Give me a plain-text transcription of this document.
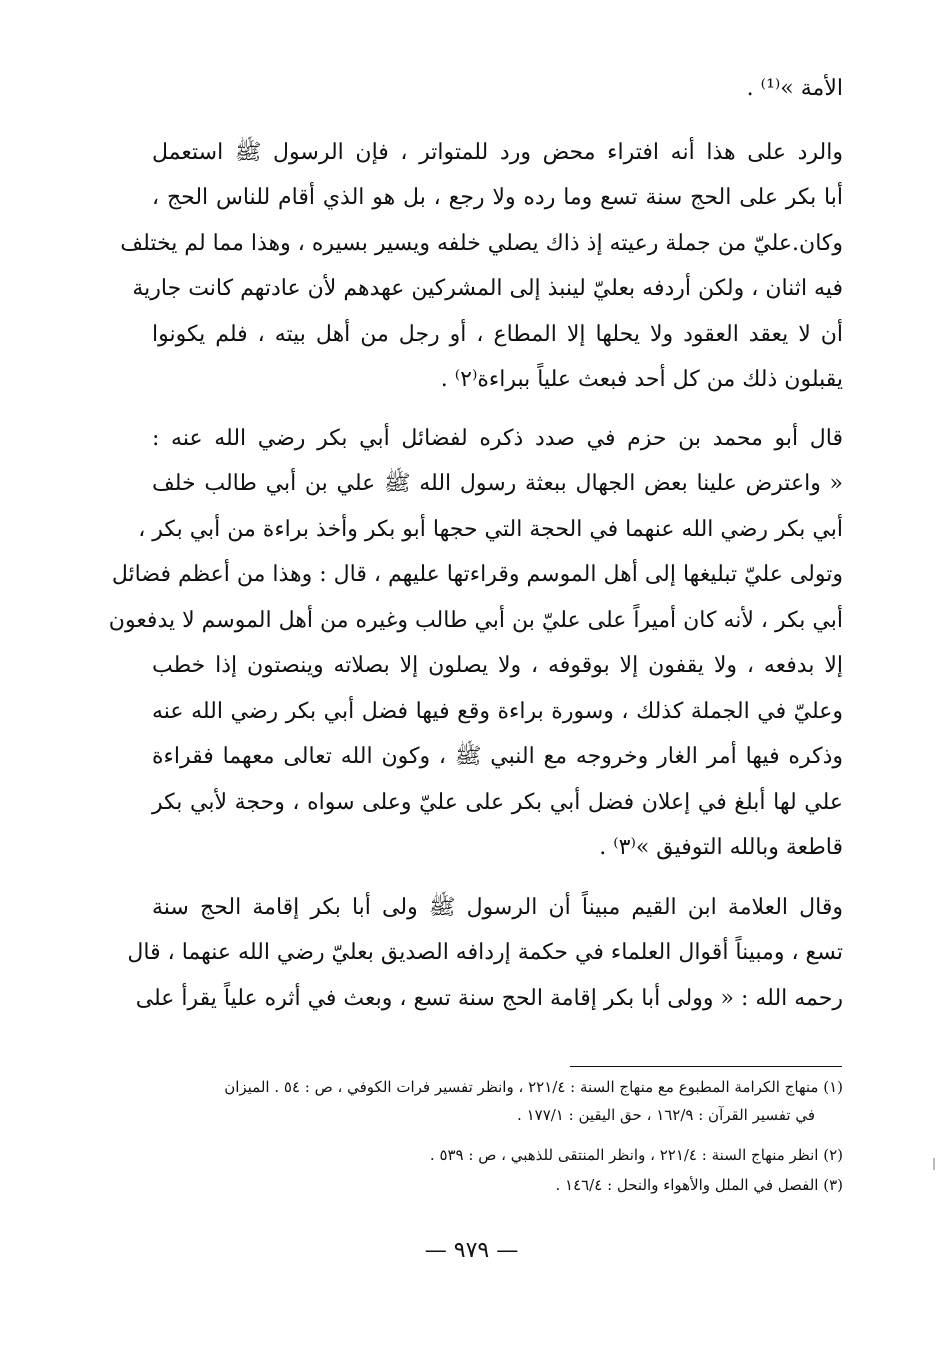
الأمة »⁽¹⁾ .
والرد على هذا أنه افتراء محض ورد للمتواتر ، فإن الرسول ﷺ استعمل
أبا بكر على الحج سنة تسع وما رده ولا رجع ، بل هو الذي أقام للناس الحج ،
وكان.عليّ من جملة رعيته إذ ذاك يصلي خلفه ويسير بسيره ، وهذا مما لم يختلف
فيه اثنان ، ولكن أردفه بعليّ لينبذ إلى المشركين عهدهم لأن عادتهم كانت جارية
أن لا يعقد العقود ولا يحلها إلا المطاع ، أو رجل من أهل بيته ، فلم يكونوا
يقبلون ذلك من كل أحد فبعث علياً ببراءة⁽٢⁾ .
قال أبو محمد بن حزم في صدد ذكره لفضائل أبي بكر رضي الله عنه :
« واعترض علينا بعض الجهال ببعثة رسول الله ﷺ علي بن أبي طالب خلف
أبي بكر رضي الله عنهما في الحجة التي حجها أبو بكر وأخذ براءة من أبي بكر ،
وتولى عليّ تبليغها إلى أهل الموسم وقراءتها عليهم ، قال : وهذا من أعظم فضائل
أبي بكر ، لأنه كان أميراً على عليّ بن أبي طالب وغيره من أهل الموسم لا يدفعون
إلا بدفعه ، ولا يقفون إلا بوقوفه ، ولا يصلون إلا بصلاته وينصتون إذا خطب
وعليّ في الجملة كذلك ، وسورة براءة وقع فيها فضل أبي بكر رضي الله عنه
وذكره فيها أمر الغار وخروجه مع النبي ﷺ ، وكون الله تعالى معهما فقراءة
علي لها أبلغ في إعلان فضل أبي بكر على عليّ وعلى سواه ، وحجة لأبي بكر
قاطعة وبالله التوفيق »⁽٣⁾ .
وقال العلامة ابن القيم مبيناً أن الرسول ﷺ ولى أبا بكر إقامة الحج سنة
تسع ، ومبيناً أقوال العلماء في حكمة إردافه الصديق بعليّ رضي الله عنهما ، قال
رحمه الله : « وولى أبا بكر إقامة الحج سنة تسع ، وبعث في أثره علياً يقرأ على
(١) منهاج الكرامة المطبوع مع منهاج السنة : ٢٢١/٤ ، وانظر تفسير فرات الكوفي ، ص : ٥٤ . الميزان
في تفسير القرآن : ١٦٢/٩ ، حق اليقين : ١٧٧/١ .
(٢) انظر منهاج السنة : ٢٢١/٤ ، وانظر المنتقى للذهبي ، ص : ٥٣٩ .
(٣) الفصل في الملل والأهواء والنحل : ١٤٦/٤ .
— ٩٧٩ —
